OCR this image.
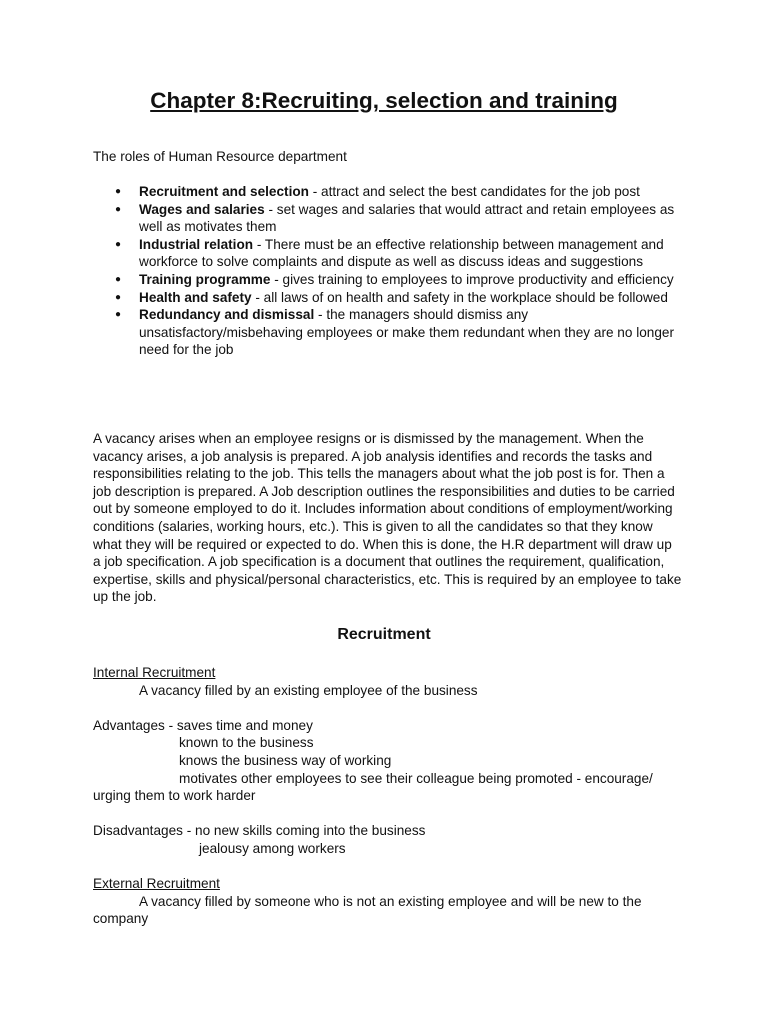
Chapter 8:Recruiting, selection and training

The roles of Human Resource department

● Recruitment and selection - attract and select the best candidates for the job post
● Wages and salaries - set wages and salaries that would attract and retain employees as well as motivates them
● Industrial relation - There must be an effective relationship between management and workforce to solve complaints and dispute as well as discuss ideas and suggestions
● Training programme - gives training to employees to improve productivity and efficiency
● Health and safety - all laws of on health and safety in the workplace should be followed
● Redundancy and dismissal - the managers should dismiss any unsatisfactory/misbehaving employees or make them redundant when they are no longer need for the job

A vacancy arises when an employee resigns or is dismissed by the management. When the vacancy arises, a job analysis is prepared. A job analysis identifies and records the tasks and responsibilities relating to the job. This tells the managers about what the job post is for. Then a job description is prepared. A Job description outlines the responsibilities and duties to be carried out by someone employed to do it. Includes information about conditions of employment/working conditions (salaries, working hours, etc.). This is given to all the candidates so that they know what they will be required or expected to do. When this is done, the H.R department will draw up a job specification. A job specification is a document that outlines the requirement, qualification, expertise, skills and physical/personal characteristics, etc. This is required by an employee to take up the job.

Recruitment
Internal Recruitment
A vacancy filled by an existing employee of the business

Advantages - saves time and money
known to the business
knows the business way of working
motivates other employees to see their colleague being promoted - encourage/
urging them to work harder

Disadvantages - no new skills coming into the business
jealousy among workers

External Recruitment
A vacancy filled by someone who is not an existing employee and will be new to the
company
